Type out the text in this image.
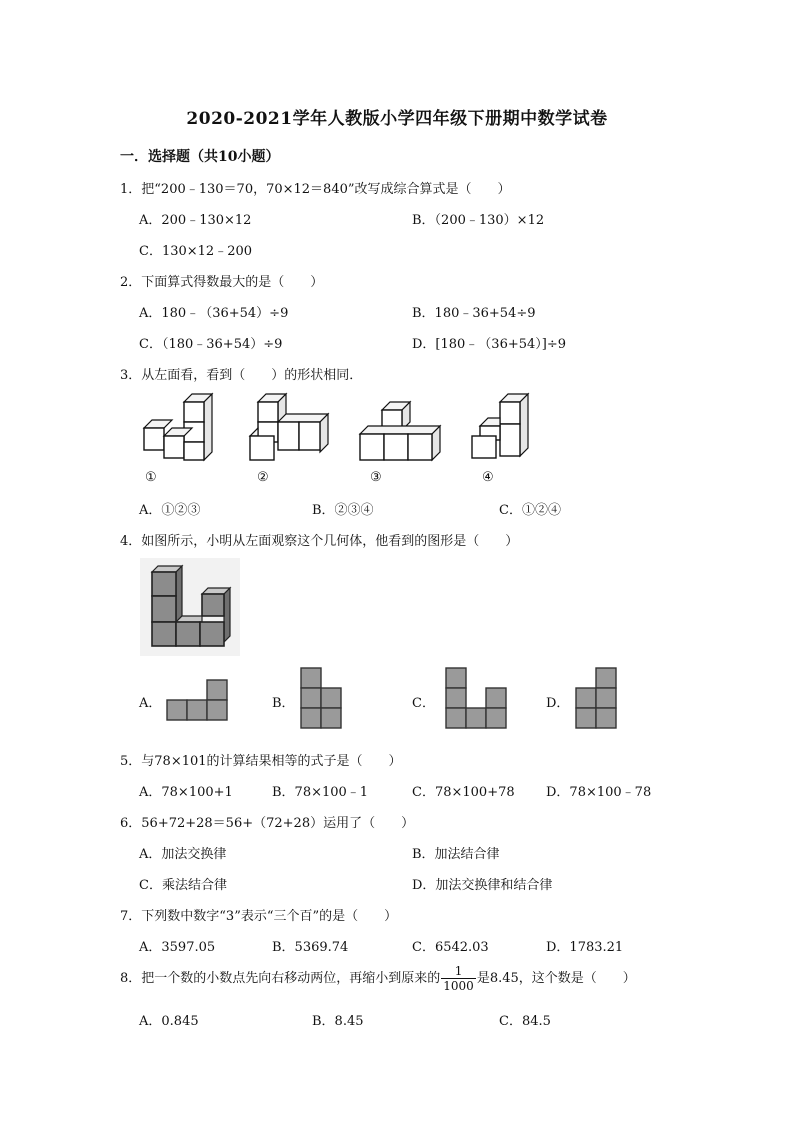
2020-2021学年人教版小学四年级下册期中数学试卷
一．选择题（共10小题）
1．把“200﹣130＝70，70×12＝840”改写成综合算式是（　　）
A．200﹣130×12	B．（200﹣130）×12
C．130×12﹣200
2．下面算式得数最大的是（　　）
A．180﹣（36+54）÷9	B．180﹣36+54÷9
C．（180﹣36+54）÷9	D．[180﹣（36+54）]÷9
3．从左面看，看到（　　）的形状相同．
①	②	③	④
A．①②③	B．②③④	C．①②④
4．如图所示，小明从左面观察这个几何体，他看到的图形是（　　）
A．	B．	C．	D．
5．与78×101的计算结果相等的式子是（　　）
A．78×100+1	B．78×100﹣1	C．78×100+78 D．78×100﹣78
6．56+72+28＝56+（72+28）运用了（　　）
A．加法交换律	B．加法结合律
C．乘法结合律	D．加法交换律和结合律
7．下列数中数字“3”表示“三个百”的是（　　）
A．3597.05	B．5369.74	C．6542.03	D．1783.21
8．把一个数的小数点先向右移动两位，再缩小到原来的 $\frac{1}{1000}$ 是8.45，这个数是（　　）
A．0.845	B．8.45	C．84.5
